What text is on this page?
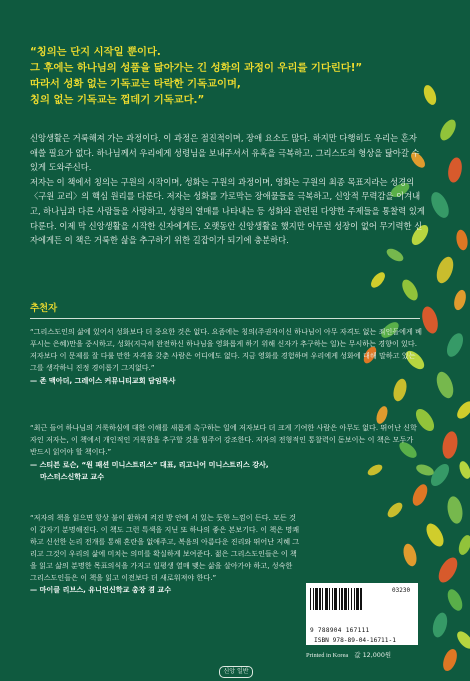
“칭의는 단지 시작일 뿐이다.
그 후에는 하나님의 성품을 닮아가는 긴 성화의 과정이 우리를 기다린다!”
따라서 성화 없는 기독교는 타락한 기독교이며,
칭의 없는 기독교는 껍데기 기독교다.”

신앙생활은 거룩해져 가는 과정이다. 이 과정은 점진적이며, 장애 요소도 많다. 하지만 다행히도 우리는 혼자 애쓸 필요가 없다. 하나님께서 우리에게 성령님을 보내주셔서 유혹을 극복하고, 그리스도의 형상을 닮아갈 수 있게 도와주신다.

저자는 이 책에서 칭의는 구원의 시작이며, 성화는 구원의 과정이며, 영화는 구원의 최종 목표지라는 성경의 〈구원 교리〉의 핵심 원리를 다룬다. 저자는 성화를 가로막는 장애물들을 극복하고, 신앙적 무력감을 이겨내고, 하나님과 다른 사람들을 사랑하고, 성령의 열매를 나타내는 등 성화와 관련된 다양한 주제들을 통찰력 있게 다룬다. 이제 막 신앙생활을 시작한 신자에게든, 오랫동안 신앙생활을 했지만 아무런 성장이 없어 무기력한 신자에게든 이 책은 거룩한 삶을 추구하기 위한 길잡이가 되기에 충분하다.

추천자
“그리스도인의 삶에 있어서 성화보다 더 중요한 것은 없다. 요즘에는 칭의(주권자이신 하나님이 아무 자격도 없는 죄인들에게 베푸시는 은혜)만을 중시하고, 성화(지극히 완전하신 하나님을 영화롭게 하기 위해 신자가 추구하는 일)는 무시하는 경향이 있다. 저자보다 이 문제를 잘 다룰 만한 자격을 갖춘 사람은 어디에도 없다. 지금 영화를 경험하며 우리에게 성화에 대해 말하고 있는 그를 생각하니 진정 경이롭기 그지없다.”
— 존 맥아더, 그레이스 커뮤니티교회 담임목사
“최근 들어 하나님의 거룩하심에 대한 이해를 새롭게 촉구하는 일에 저자보다 더 크게 기여한 사람은 아무도 없다. 뛰어난 신학자인 저자는, 이 책에서 개인적인 거룩함을 추구할 것을 힘주어 강조한다. 저자의 전형적인 통찰력이 돋보이는 이 책은 모두가 반드시 읽어야 할 책이다.”
— 스티븐 로슨, “원 패션 미니스트리스” 대표, 리고니어 미니스트리스 강사,
마스터스신학교 교수
“저자의 책을 읽으면 항상 불이 환하게 켜진 방 안에 서 있는 듯한 느낌이 든다. 모든 것이 갑자기 분명해진다. 이 책도 그런 특색을 지닌 또 하나의 좋은 본보기다. 이 책은 명쾌하고 신선한 논리 전개를 통해 혼란을 없애주고, 복음의 아름다운 진리와 뛰어난 지혜 그리고 그것이 우리의 삶에 미치는 의미를 확실하게 보여준다. 젊은 그리스도인들은 이 책을 읽고 삶의 분명한 목표의식을 가지고 일평생 열매 맺는 삶을 살아가야 하고, 성숙한 그리스도인들은 이 책을 읽고 이전보다 더 새로워져야 한다.”
— 마이클 리브스, 유니언신학교 총장 겸 교수
9 788904 167111
ISBN 978-89-04-16711-1
03230
Printed in Korea 값 12,000원
신앙 일반
